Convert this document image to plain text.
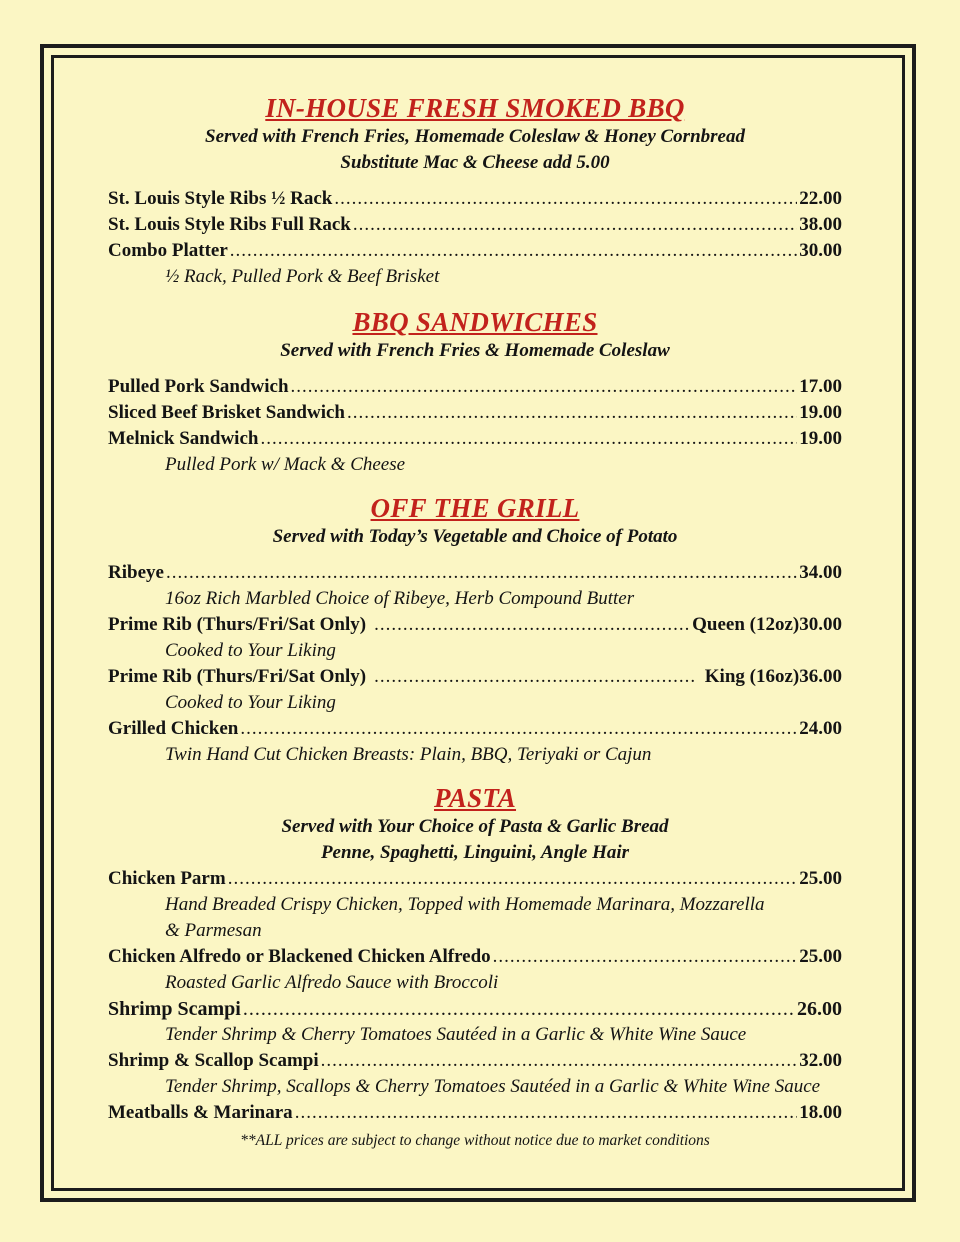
IN-HOUSE FRESH SMOKED BBQ
Served with French Fries, Homemade Coleslaw & Honey Cornbread
Substitute Mac & Cheese add 5.00
St. Louis Style Ribs ½ Rack .....	22.00
St. Louis Style Ribs Full Rack .....	38.00
Combo Platter .....	30.00
½ Rack, Pulled Pork & Beef Brisket
BBQ SANDWICHES
Served with French Fries & Homemade Coleslaw
Pulled Pork Sandwich .....	17.00
Sliced Beef Brisket Sandwich .....	19.00
Melnick Sandwich .....	19.00
Pulled Pork w/ Mack & Cheese
OFF THE GRILL
Served with Today’s Vegetable and Choice of Potato
Ribeye .....	34.00
16oz Rich Marbled Choice of Ribeye, Herb Compound Butter
Prime Rib (Thurs/Fri/Sat Only) .....	Queen (12oz)30.00
Cooked to Your Liking
Prime Rib (Thurs/Fri/Sat Only) .....	King (16oz)36.00
Cooked to Your Liking
Grilled Chicken .....	24.00
Twin Hand Cut Chicken Breasts: Plain, BBQ, Teriyaki or Cajun
PASTA
Served with Your Choice of Pasta & Garlic Bread
Penne, Spaghetti, Linguini, Angle Hair
Chicken Parm .....	25.00
Hand Breaded Crispy Chicken, Topped with Homemade Marinara, Mozzarella & Parmesan
Chicken Alfredo or Blackened Chicken Alfredo .....	25.00
Roasted Garlic Alfredo Sauce with Broccoli
Shrimp Scampi .....	26.00
Tender Shrimp & Cherry Tomatoes Sautéed in a Garlic & White Wine Sauce
Shrimp & Scallop Scampi .....	32.00
Tender Shrimp, Scallops & Cherry Tomatoes Sautéed in a Garlic & White Wine Sauce
Meatballs & Marinara .....	18.00
**ALL prices are subject to change without notice due to market conditions
